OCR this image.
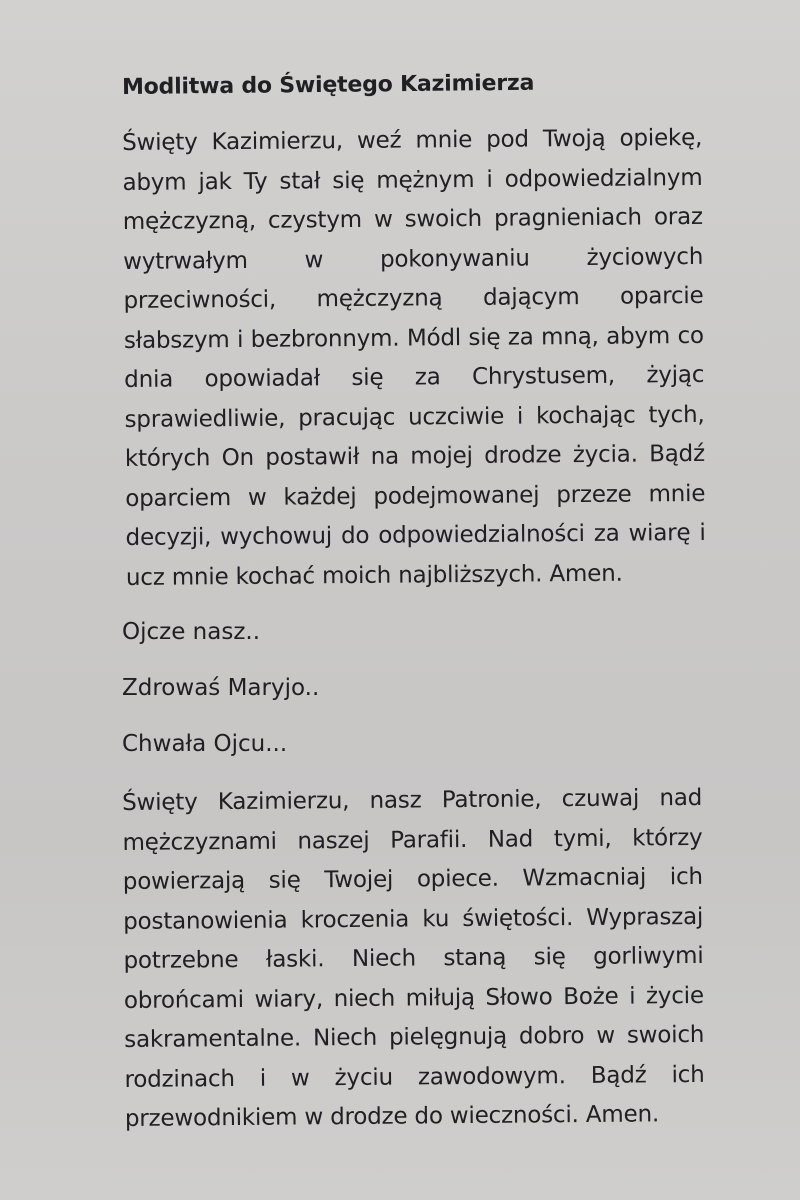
Modlitwa do Świętego Kazimierza

Święty Kazimierzu, weź mnie pod Twoją opiekę, abym jak Ty stał się mężnym i odpowiedzialnym mężczyzną, czystym w swoich pragnieniach oraz wytrwałym w pokonywaniu życiowych przeciwności, mężczyzną dającym oparcie słabszym i bezbronnym. Módl się za mną, abym co dnia opowiadał się za Chrystusem, żyjąc sprawiedliwie, pracując uczciwie i kochając tych, których On postawił na mojej drodze życia. Bądź oparciem w każdej podejmowanej przeze mnie decyzji, wychowuj do odpowiedzialności za wiarę i ucz mnie kochać moich najbliższych. Amen.

Ojcze nasz..

Zdrowaś Maryjo..

Chwała Ojcu...

Święty Kazimierzu, nasz Patronie, czuwaj nad mężczyznami naszej Parafii. Nad tymi, którzy powierzają się Twojej opiece. Wzmacniaj ich postanowienia kroczenia ku świętości. Wypraszaj potrzebne łaski. Niech staną się gorliwymi obrońcami wiary, niech miłują Słowo Boże i życie sakramentalne. Niech pielęgnują dobro w swoich rodzinach i w życiu zawodowym. Bądź ich przewodnikiem w drodze do wieczności. Amen.
